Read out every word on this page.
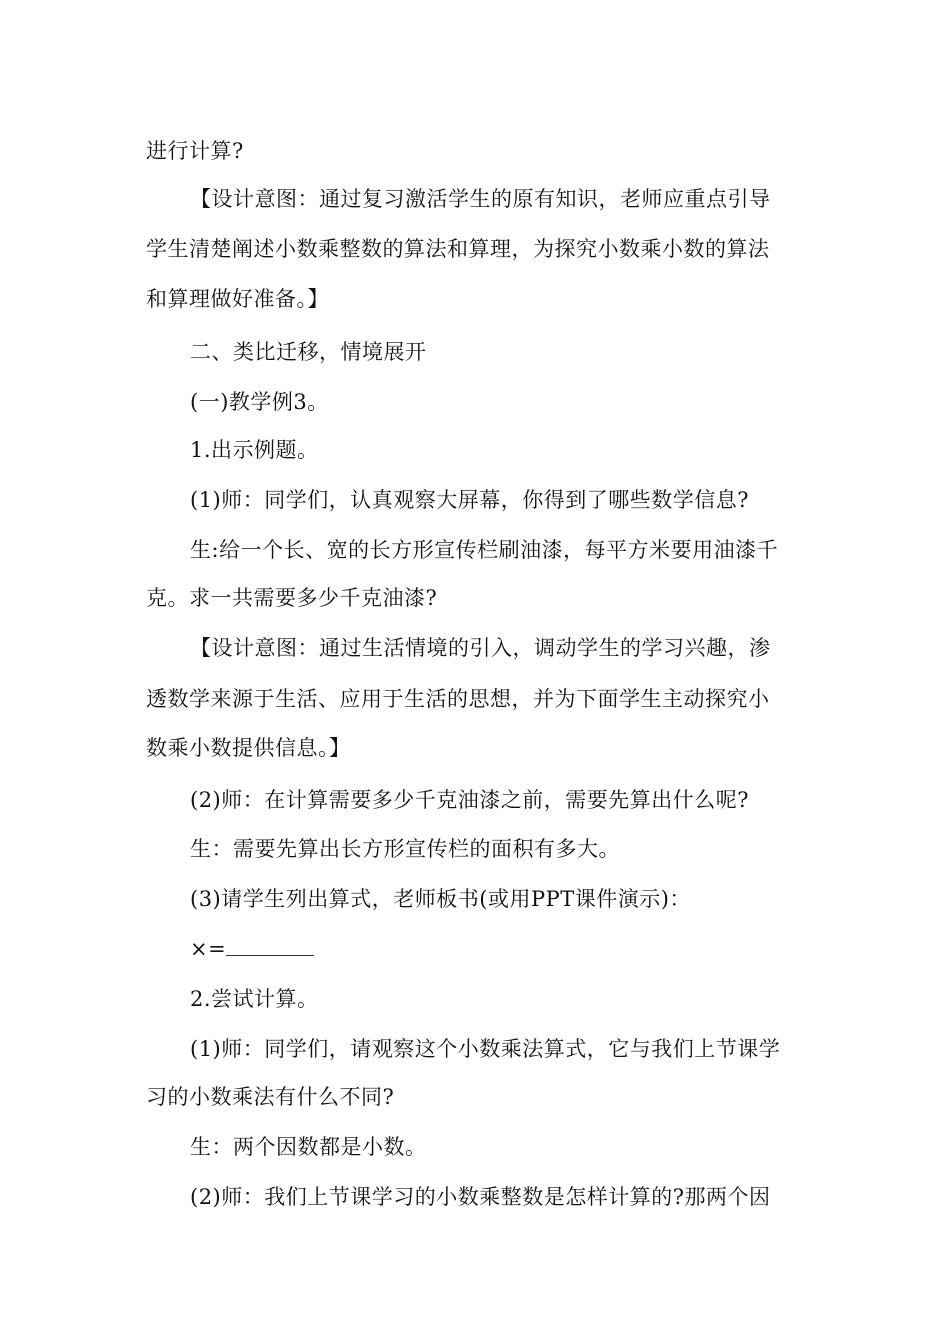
进行计算?
【设计意图：通过复习激活学生的原有知识，老师应重点引导
学生清楚阐述小数乘整数的算法和算理，为探究小数乘小数的算法
和算理做好准备。】
二、类比迁移，情境展开
(一)教学例3。
1.出示例题。
(1)师：同学们，认真观察大屏幕，你得到了哪些数学信息?
生:给一个长、宽的长方形宣传栏刷油漆，每平方米要用油漆千
克。求一共需要多少千克油漆?
【设计意图：通过生活情境的引入，调动学生的学习兴趣，渗
透数学来源于生活、应用于生活的思想，并为下面学生主动探究小
数乘小数提供信息。】
(2)师：在计算需要多少千克油漆之前，需要先算出什么呢?
生：需要先算出长方形宣传栏的面积有多大。
(3)请学生列出算式，老师板书(或用PPT课件演示)：
×=
2.尝试计算。
(1)师：同学们，请观察这个小数乘法算式，它与我们上节课学
习的小数乘法有什么不同?
生：两个因数都是小数。
(2)师：我们上节课学习的小数乘整数是怎样计算的?那两个因
